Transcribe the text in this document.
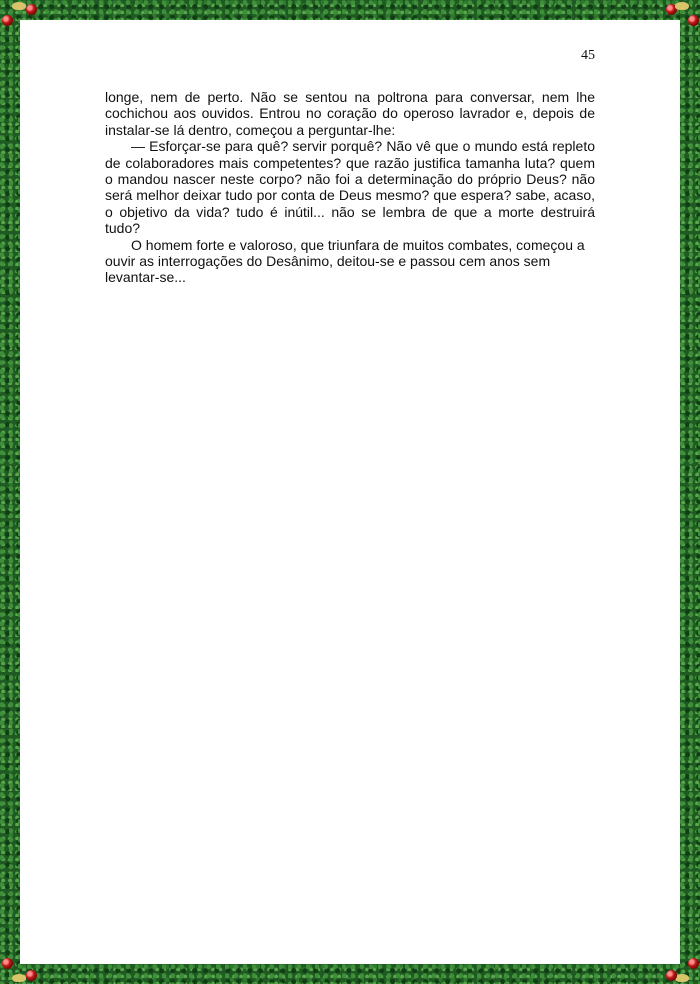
45

longe, nem de perto. Não se sentou na poltrona para conversar, nem lhe cochichou aos ouvidos. Entrou no coração do operoso lavrador e, depois de instalar-se lá dentro, começou a perguntar-lhe:

— Esforçar-se para quê? servir porquê? Não vê que o mundo está repleto de colaboradores mais competentes? que razão justifica tamanha luta? quem o mandou nascer neste corpo? não foi a determinação do próprio Deus? não será melhor deixar tudo por conta de Deus mesmo? que espera? sabe, acaso, o objetivo da vida? tudo é inútil... não se lembra de que a morte destruirá tudo?

O homem forte e valoroso, que triunfara de muitos combates, começou a ouvir as interrogações do Desânimo, deitou-se e passou cem anos sem levantar-se...
